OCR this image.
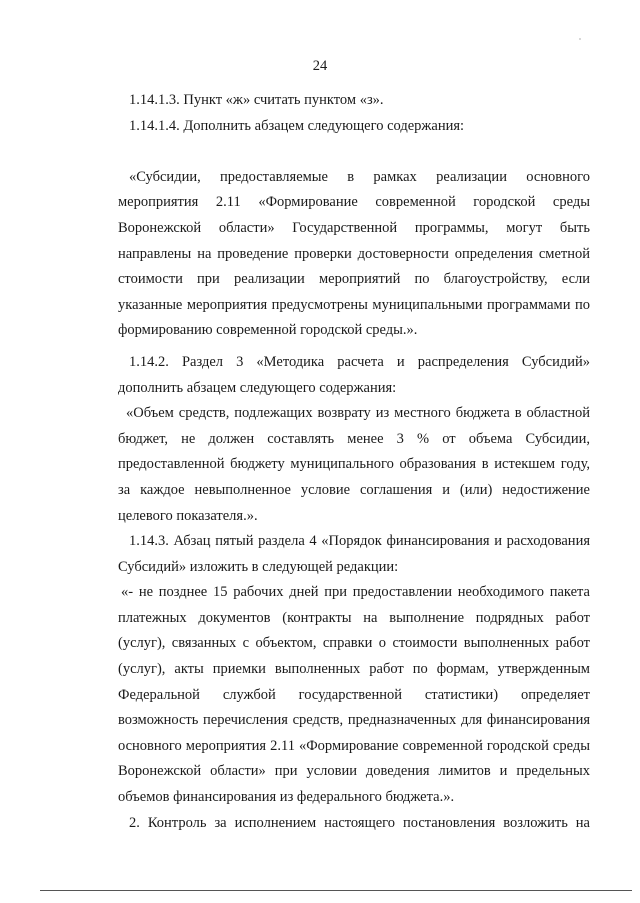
24

1.14.1.3. Пункт «ж» считать пунктом «з».

1.14.1.4. Дополнить абзацем следующего содержания:

«Субсидии, предоставляемые в рамках реализации основного мероприятия 2.11 «Формирование современной городской среды Воронежской области» Государственной программы, могут быть направлены на проведение проверки достоверности определения сметной стоимости при реализации мероприятий по благоустройству, если указанные мероприятия предусмотрены муниципальными программами по формированию современной городской среды.».

1.14.2. Раздел 3 «Методика расчета и распределения Субсидий» дополнить абзацем следующего содержания:

«Объем средств, подлежащих возврату из местного бюджета в областной бюджет, не должен составлять менее 3 % от объема Субсидии, предоставленной бюджету муниципального образования в истекшем году, за каждое невыполненное условие соглашения и (или) недостижение целевого показателя.».

1.14.3. Абзац пятый раздела 4 «Порядок финансирования и расходования Субсидий» изложить в следующей редакции:

«- не позднее 15 рабочих дней при предоставлении необходимого пакета платежных документов (контракты на выполнение подрядных работ (услуг), связанных с объектом, справки о стоимости выполненных работ (услуг), акты приемки выполненных работ по формам, утвержденным Федеральной службой государственной статистики) определяет возможность перечисления средств, предназначенных для финансирования основного мероприятия 2.11 «Формирование современной городской среды Воронежской области» при условии доведения лимитов и предельных объемов финансирования из федерального бюджета.».

2. Контроль за исполнением настоящего постановления возложить на
